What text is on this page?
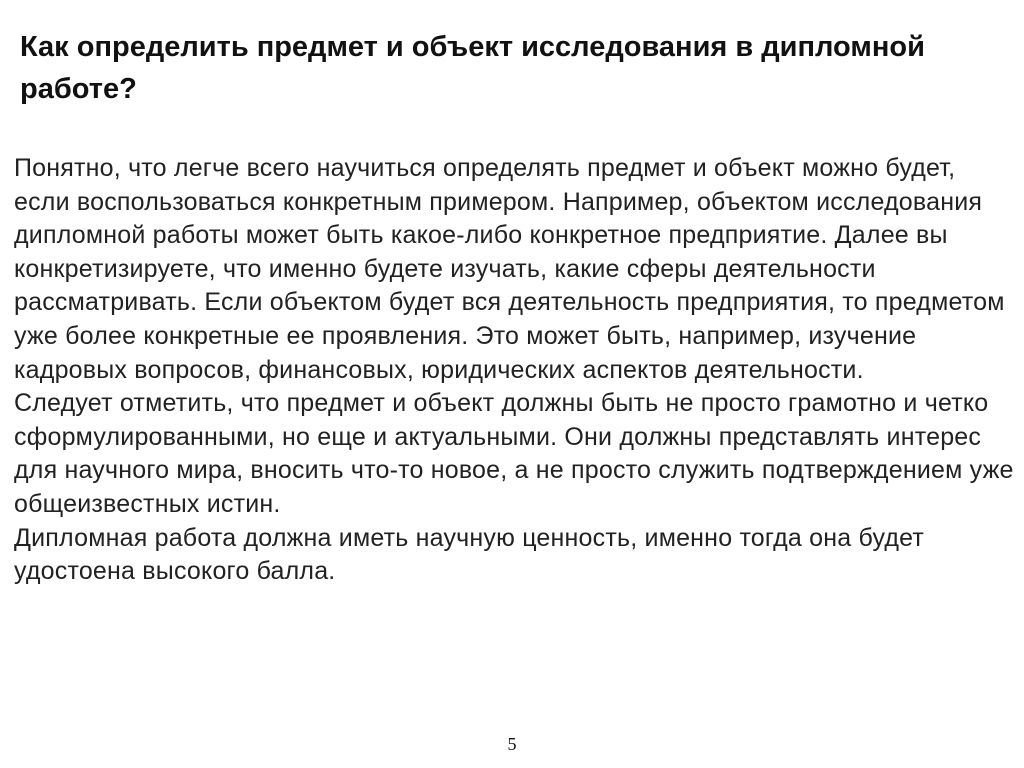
Как определить предмет и объект исследования в дипломной работе?

Понятно, что легче всего научиться определять предмет и объект можно будет, если воспользоваться конкретным примером. Например, объектом исследования дипломной работы может быть какое-либо конкретное предприятие. Далее вы конкретизируете, что именно будете изучать, какие сферы деятельности рассматривать. Если объектом будет вся деятельность предприятия, то предметом уже более конкретные ее проявления. Это может быть, например, изучение кадровых вопросов, финансовых, юридических аспектов деятельности.

Следует отметить, что предмет и объект должны быть не просто грамотно и четко сформулированными, но еще и актуальными. Они должны представлять интерес для научного мира, вносить что-то новое, а не просто служить подтверждением уже общеизвестных истин.

Дипломная работа должна иметь научную ценность, именно тогда она будет удостоена высокого балла.

5
